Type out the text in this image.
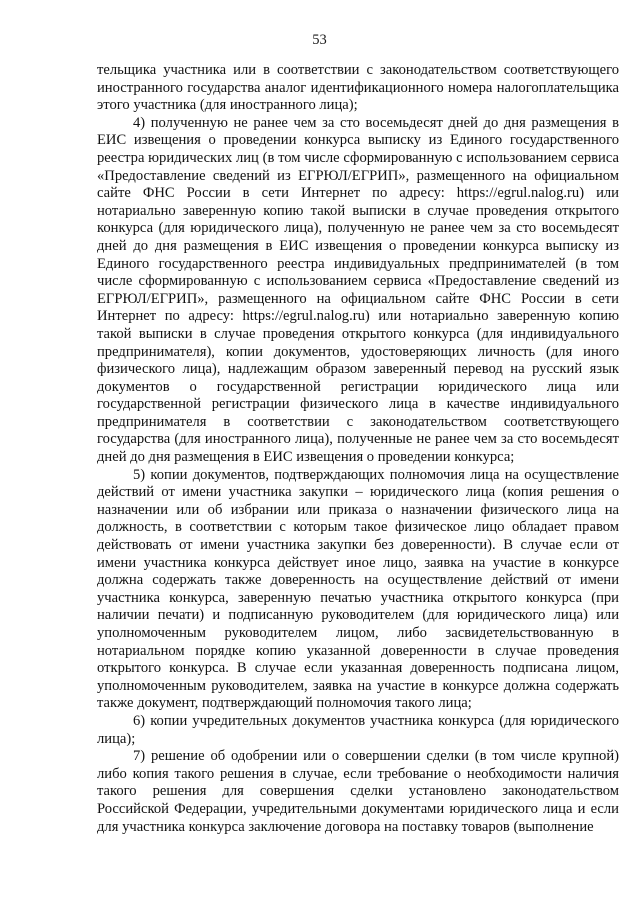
53

тельщика участника или в соответствии с законодательством соответствующего иностранного государства аналог идентификационного номера налогоплательщика этого участника (для иностранного лица);

4) полученную не ранее чем за сто восемьдесят дней до дня размещения в ЕИС извещения о проведении конкурса выписку из Единого государственного реестра юридических лиц (в том числе сформированную с использованием сервиса «Предоставление сведений из ЕГРЮЛ/ЕГРИП», размещенного на официальном сайте ФНС России в сети Интернет по адресу: https://egrul.nalog.ru) или нотариально заверенную копию такой выписки в случае проведения открытого конкурса (для юридического лица), полученную не ранее чем за сто восемьдесят дней до дня размещения в ЕИС извещения о проведении конкурса выписку из Единого государственного реестра индивидуальных предпринимателей (в том числе сформированную с использованием сервиса «Предоставление сведений из ЕГРЮЛ/ЕГРИП», размещенного на официальном сайте ФНС России в сети Интернет по адресу: https://egrul.nalog.ru) или нотариально заверенную копию такой выписки в случае проведения открытого конкурса (для индивидуального предпринимателя), копии документов, удостоверяющих личность (для иного физического лица), надлежащим образом заверенный перевод на русский язык документов о государственной регистрации юридического лица или государственной регистрации физического лица в качестве индивидуального предпринимателя в соответствии с законодательством соответствующего государства (для иностранного лица), полученные не ранее чем за сто восемьдесят дней до дня размещения в ЕИС извещения о проведении конкурса;

5) копии документов, подтверждающих полномочия лица на осуществление действий от имени участника закупки – юридического лица (копия решения о назначении или об избрании или приказа о назначении физического лица на должность, в соответствии с которым такое физическое лицо обладает правом действовать от имени участника закупки без доверенности). В случае если от имени участника конкурса действует иное лицо, заявка на участие в конкурсе должна содержать также доверенность на осуществление действий от имени участника конкурса, заверенную печатью участника открытого конкурса (при наличии печати) и подписанную руководителем (для юридического лица) или уполномоченным руководителем лицом, либо засвидетельствованную в нотариальном порядке копию указанной доверенности в случае проведения открытого конкурса. В случае если указанная доверенность подписана лицом, уполномоченным руководителем, заявка на участие в конкурсе должна содержать также документ, подтверждающий полномочия такого лица;

6) копии учредительных документов участника конкурса (для юридического лица);

7) решение об одобрении или о совершении сделки (в том числе крупной) либо копия такого решения в случае, если требование о необходимости наличия такого решения для совершения сделки установлено законодательством Российской Федерации, учредительными документами юридического лица и если для участника конкурса заключение договора на поставку товаров (выполнение
